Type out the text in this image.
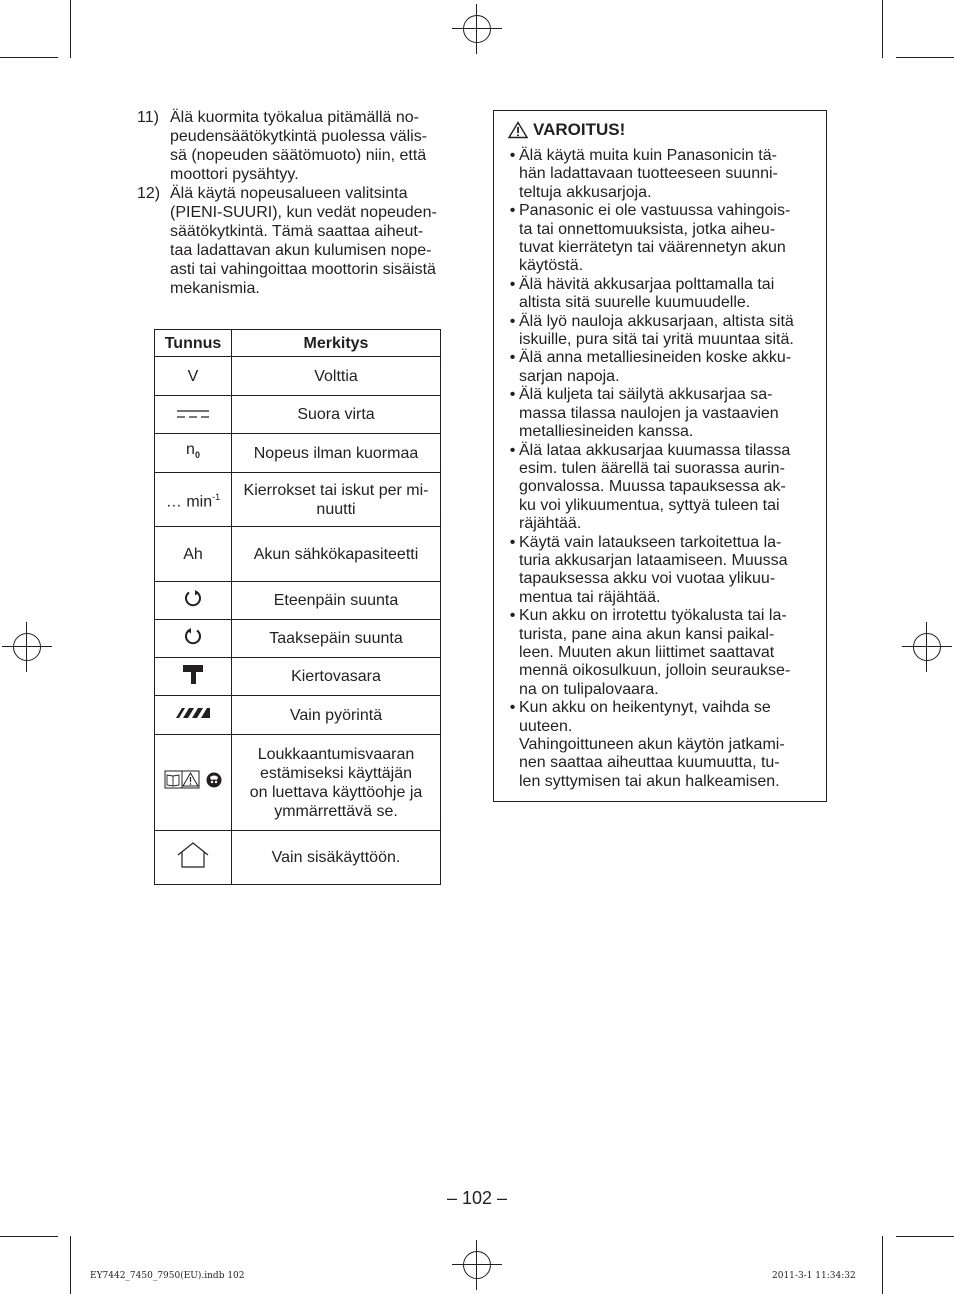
11) Älä kuormita työkalua pitämällä no-
peudensäätökytkintä puolessa välis-
sä (nopeuden säätömuoto) niin, että
moottori pysähtyy.
12) Älä käytä nopeusalueen valitsinta
(PIENI-SUURI), kun vedät nopeuden-
säätökytkintä. Tämä saattaa aiheut-
taa ladattavan akun kulumisen nope-
asti tai vahingoittaa moottorin sisäistä
mekanismia.
Tunnus	Merkitys
V	Volttia
	Suora virta
$n_0$	Nopeus ilman kuormaa
… $\min^{-1}$	Kierrokset tai iskut per mi-
nuutti
Ah	Akun sähkökapasiteetti
	Eteenpäin suunta
	Taaksepäin suunta
	Kiertovasara
	Vain pyörintä
	Loukkaantumisvaaran
estämiseksi käyttäjän
on luettava käyttöohje ja
ymmärrettävä se.
	Vain sisäkäyttöön.
VAROITUS!
• Älä käytä muita kuin Panasonicin tä-
hän ladattavaan tuotteeseen suunni-
teltuja akkusarjoja.
• Panasonic ei ole vastuussa vahingois-
ta tai onnettomuuksista, jotka aiheu-
tuvat kierrätetyn tai väärennetyn akun
käytöstä.
• Älä hävitä akkusarjaa polttamalla tai
altista sitä suurelle kuumuudelle.
• Älä lyö nauloja akkusarjaan, altista sitä
iskuille, pura sitä tai yritä muuntaa sitä.
• Älä anna metalliesineiden koske akku-
sarjan napoja.
• Älä kuljeta tai säilytä akkusarjaa sa-
massa tilassa naulojen ja vastaavien
metalliesineiden kanssa.
• Älä lataa akkusarjaa kuumassa tilassa
esim. tulen äärellä tai suorassa aurin-
gonvalossa. Muussa tapauksessa ak-
ku voi ylikuumentua, syttyä tuleen tai
räjähtää.
• Käytä vain lataukseen tarkoitettua la-
turia akkusarjan lataamiseen. Muussa
tapauksessa akku voi vuotaa ylikuu-
mentua tai räjähtää.
• Kun akku on irrotettu työkalusta tai la-
turista, pane aina akun kansi paikal-
leen. Muuten akun liittimet saattavat
mennä oikosulkuun, jolloin seuraukse-
na on tulipalovaara.
• Kun akku on heikentynyt, vaihda se
uuteen.
Vahingoittuneen akun käytön jatkami-
nen saattaa aiheuttaa kuumuutta, tu-
len syttymisen tai akun halkeamisen.
– 102 –
EY7442_7450_7950(EU).indb 102	2011-3-1 11:34:32
